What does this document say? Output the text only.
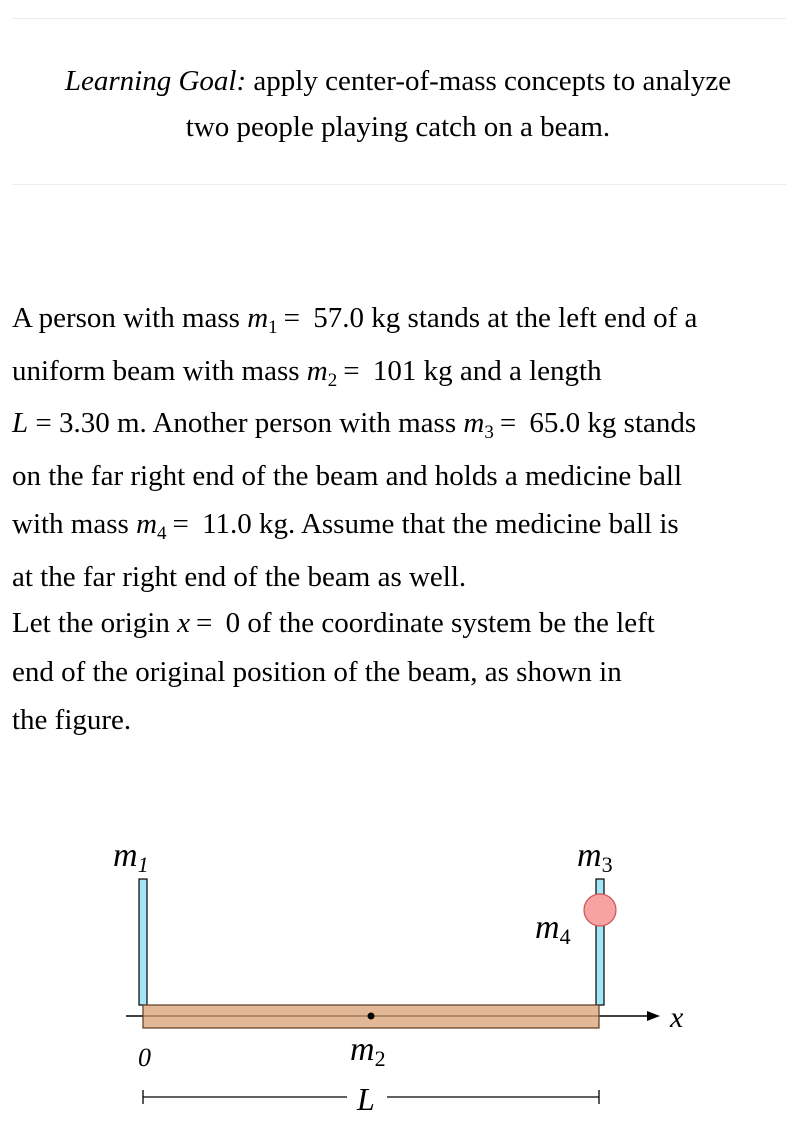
Learning Goal: apply center-of-mass concepts to analyze
two people playing catch on a beam.
A person with mass $m_1 = 57.0$ kg stands at the left end of a
uniform beam with mass $m_2 = 101$ kg and a length
L = 3.30 m. Another person with mass $m_3 = 65.0$ kg stands
on the far right end of the beam and holds a medicine ball
with mass $m_4 = 11.0$ kg. Assume that the medicine ball is
at the far right end of the beam as well.
Let the origin x = 0 of the coordinate system be the left
end of the original position of the beam, as shown in
the figure.
x
m1	m3
m4
m2
0
L
